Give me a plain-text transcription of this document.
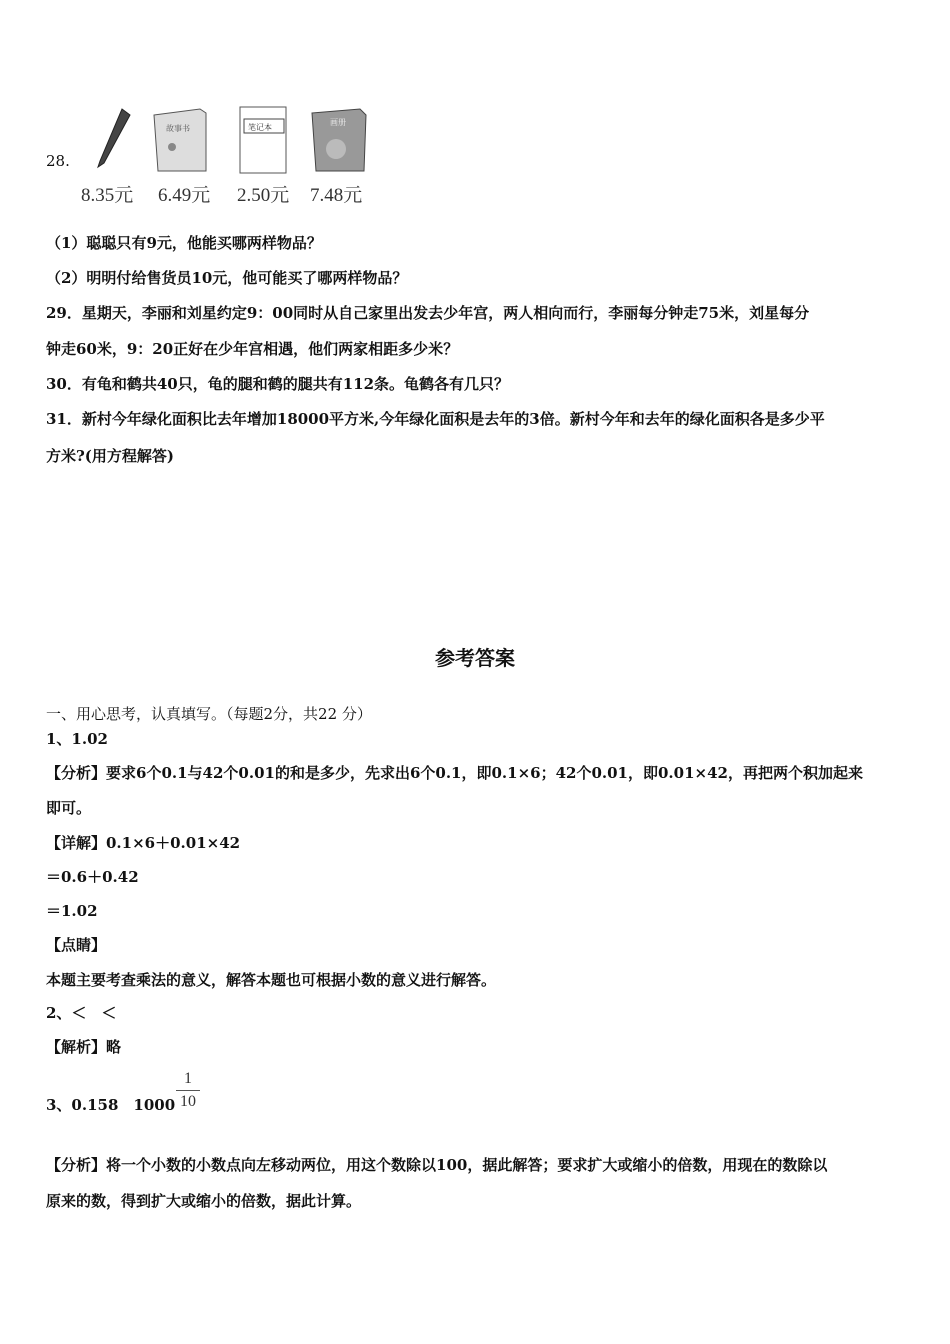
28.
故事书	笔记本
画册
8.35元 6.49元 2.50元 7.48元
（1）聪聪只有9元，他能买哪两样物品？
（2）明明付给售货员10元，他可能买了哪两样物品？
29．星期天，李丽和刘星约定9：00同时从自己家里出发去少年宫，两人相向而行，李丽每分钟走75米，刘星每分
钟走60米，9：20正好在少年宫相遇，他们两家相距多少米？
30．有龟和鹤共40只，龟的腿和鹤的腿共有112条。龟鹤各有几只？
31．新村今年绿化面积比去年增加18000平方米,今年绿化面积是去年的3倍。新村今年和去年的绿化面积各是多少平
方米?(用方程解答)
参考答案
一、用心思考，认真填写。（每题2分，共22 分）
1、1.02
【分析】要求6个0.1与42个0.01的和是多少，先求出6个0.1，即0.1×6；42个0.01，即0.01×42，再把两个积加起来
即可。
【详解】0.1×6＋0.01×42
＝0.6＋0.42
＝1.02
【点睛】
本题主要考查乘法的意义，解答本题也可根据小数的意义进行解答。
2、＜　＜
【解析】略
3、0.158　1000
1
10
【分析】将一个小数的小数点向左移动两位，用这个数除以100，据此解答；要求扩大或缩小的倍数，用现在的数除以
原来的数，得到扩大或缩小的倍数，据此计算。
